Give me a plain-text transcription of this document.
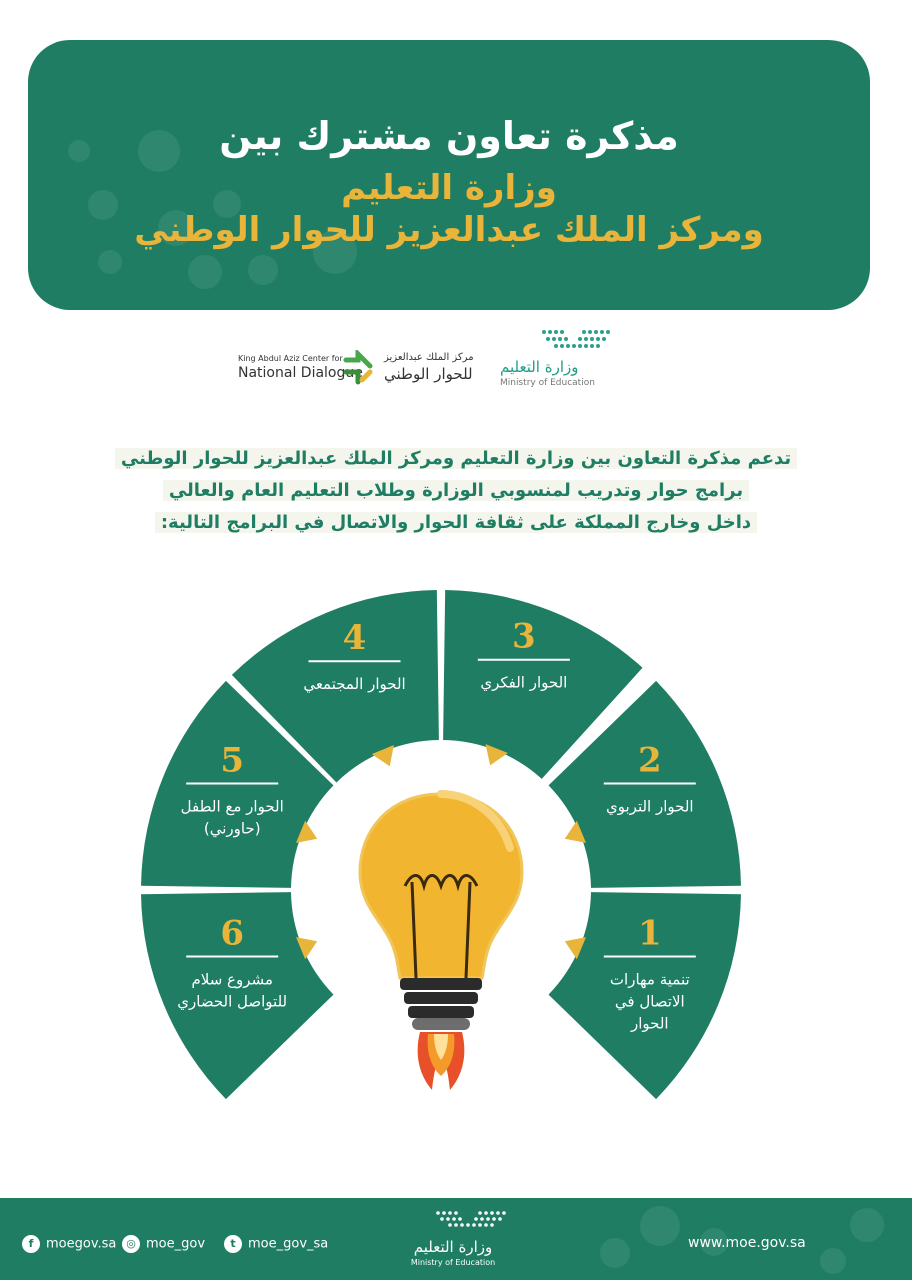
مذكرة تعاون مشترك بين
وزارة التعليم
ومركز الملك عبدالعزيز للحوار الوطني
King Abdul Aziz Center for
National Dialogue
مركز الملك عبدالعزيز
للحوار الوطني وزارة التعليم
Ministry of Education
تدعم مذكرة التعاون بين وزارة التعليم ومركز الملك عبدالعزيز للحوار الوطني
برامج حوار وتدريب لمنسوبي الوزارة وطلاب التعليم العام والعالي
داخل وخارج المملكة على ثقافة الحوار والاتصال في البرامج التالية:
1
تنمية مهارات
الاتصال في
الحوار
2
الحوار التربوي
3
الحوار الفكري
4
الحوار المجتمعي
5
الحوار مع الطفل
(حاورني)
6
مشروع سلام
للتواصل الحضاري
f moegov.sa ◎ moe_gov	t moe_gov_sa	وزارة التعليم
Ministry of Education
www.moe.gov.sa
